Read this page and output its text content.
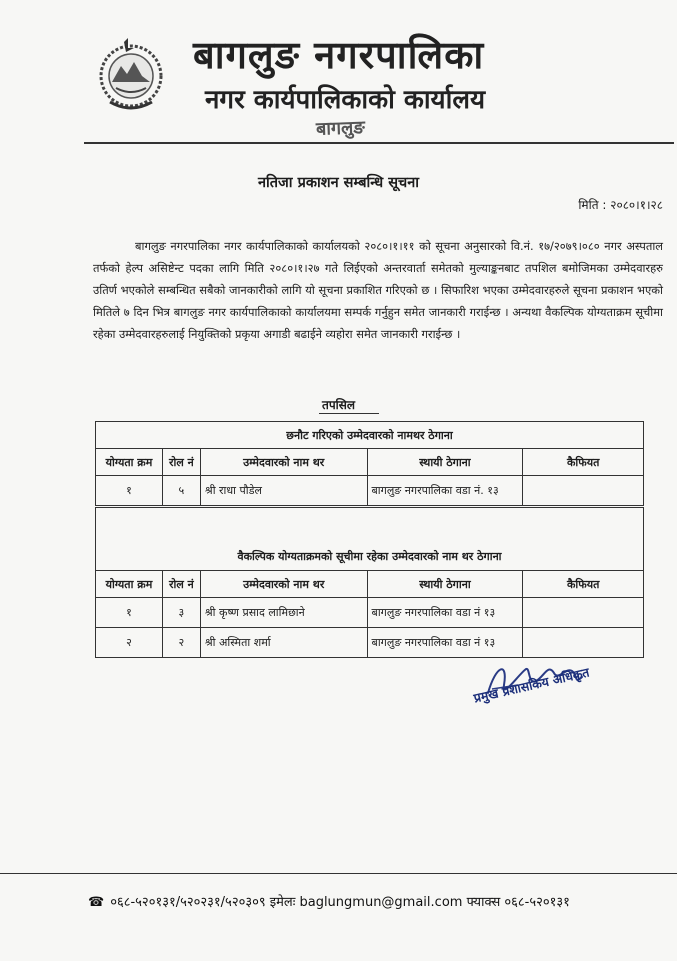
बागलुङ नगरपालिका
नगर कार्यपालिकाको कार्यालय
बागलुङ
नतिजा प्रकाशन सम्बन्धि सूचना
मिति : २०८०।१।२८
बागलुङ नगरपालिका नगर कार्यपालिकाको कार्यालयको २०८०।१।११ को सूचना अनुसारको वि.नं. १७/२०७९।०८० नगर अस्पताल तर्फको हेल्प असिष्टेन्ट पदका लागि मिति २०८०।१।२७ गते लिईएको अन्तरवार्ता समेतको मुल्याङ्कनबाट तपशिल बमोजिमका उम्मेदवारहरु उतिर्ण भएकोले सम्बन्धित सबैको जानकारीको लागि यो सूचना प्रकाशित गरिएको छ । सिफारिश भएका उम्मेदवारहरुले सूचना प्रकाशन भएको मितिले ७ दिन भित्र बागलुङ नगर कार्यपालिकाको कार्यालयमा सम्पर्क गर्नुहुन समेत जानकारी गराईन्छ । अन्यथा वैकल्पिक योग्यताक्रम सूचीमा रहेका उम्मेदवारहरुलाई नियुक्तिको प्रकृया अगाडी बढाईने व्यहोरा समेत जानकारी गराईन्छ ।
तपसिल
छनौट गरिएको उम्मेदवारको नामथर ठेगाना				
योग्यता क्रम	रोल नं	उम्मेदवारको नाम थर	स्थायी ठेगाना	कैफियत
१	५	श्री राधा पौडेल	बागलुङ नगरपालिका वडा नं. १३	
वैकल्पिक योग्यताक्रमको सूचीमा रहेका उम्मेदवारको नाम थर ठेगाना				
योग्यता क्रम	रोल नं	उम्मेदवारको नाम थर	स्थायी ठेगाना	कैफियत
१	३	श्री कृष्ण प्रसाद लामिछाने	बागलुङ नगरपालिका वडा नं १३	
२	२	श्री अस्मिता शर्मा	बागलुङ नगरपालिका वडा नं १३	
प्रमुख प्रशासकिय अधिकृत
☎ ०६८-५२०१३१/५२०२३१/५२०३०९ इमेलः baglungmun@gmail.com फ्याक्स ०६८-५२०१३१
